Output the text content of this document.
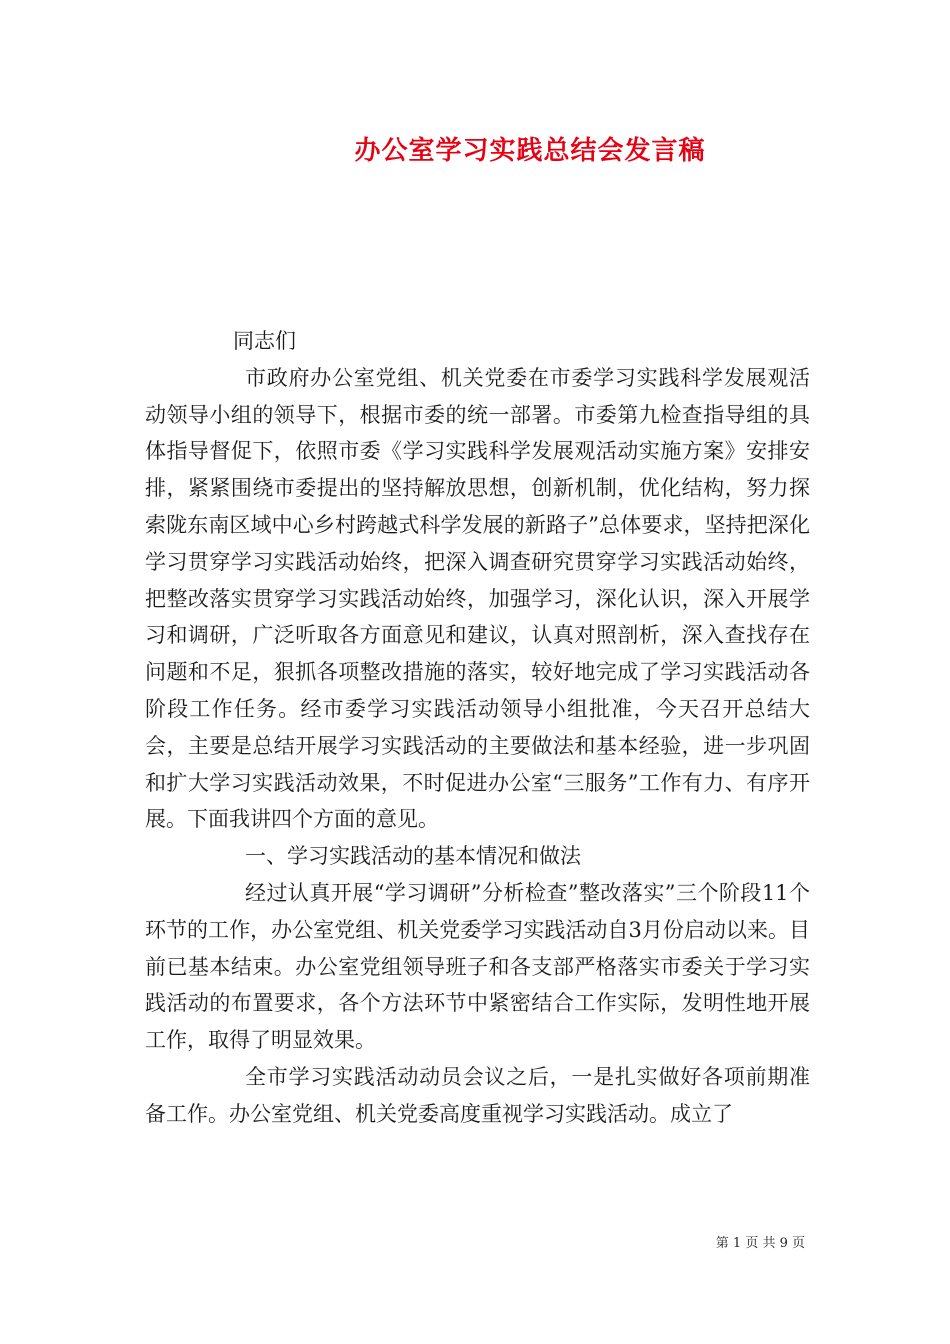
办公室学习实践总结会发言稿

同志们

市政府办公室党组、机关党委在市委学习实践科学发展观活动领导小组的领导下，根据市委的统一部署。市委第九检查指导组的具体指导督促下，依照市委《学习实践科学发展观活动实施方案》安排安排，紧紧围绕市委提出的坚持解放思想，创新机制，优化结构，努力探索陇东南区域中心乡村跨越式科学发展的新路子”总体要求，坚持把深化学习贯穿学习实践活动始终，把深入调查研究贯穿学习实践活动始终，把整改落实贯穿学习实践活动始终，加强学习，深化认识，深入开展学习和调研，广泛听取各方面意见和建议，认真对照剖析，深入查找存在问题和不足，狠抓各项整改措施的落实，较好地完成了学习实践活动各阶段工作任务。经市委学习实践活动领导小组批准，今天召开总结大会，主要是总结开展学习实践活动的主要做法和基本经验，进一步巩固和扩大学习实践活动效果，不时促进办公室“三服务”工作有力、有序开展。下面我讲四个方面的意见。

一、学习实践活动的基本情况和做法

经过认真开展“学习调研”分析检查”整改落实”三个阶段11个环节的工作，办公室党组、机关党委学习实践活动自3月份启动以来。目前已基本结束。办公室党组领导班子和各支部严格落实市委关于学习实践活动的布置要求，各个方法环节中紧密结合工作实际，发明性地开展工作，取得了明显效果。

全市学习实践活动动员会议之后，一是扎实做好各项前期准备工作。办公室党组、机关党委高度重视学习实践活动。成立了

第 1 页 共 9 页
